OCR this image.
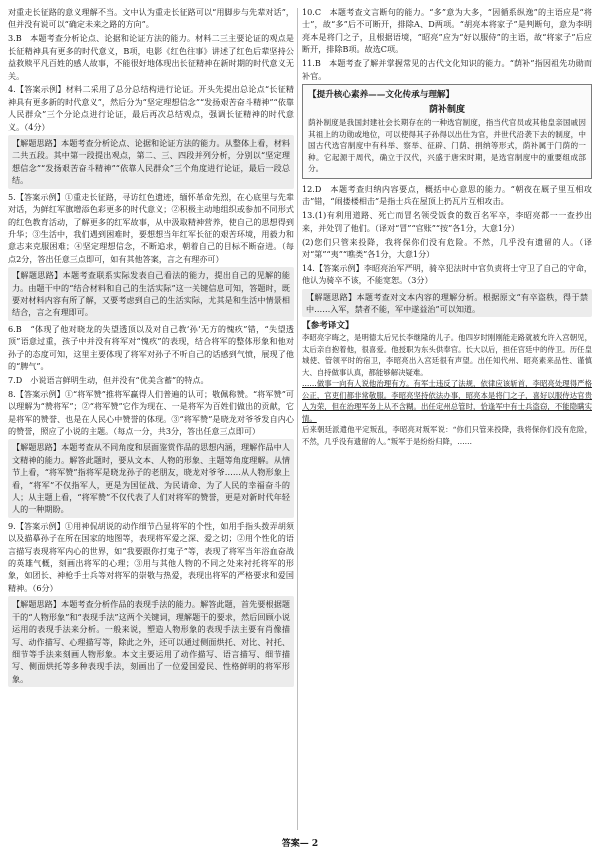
对重走长征路的意义理解不当。文中认为重走长征路可以“用脚步与先辈对话”，但并没有说可以“确定未来之路的方向”。
3.B　本题考查分析论点、论据和论证方法的能力。材料二三主要论证的观点是长征精神具有更多的时代意义，B项，电影《红色往事》讲述了红色后辈坚持公益救赎平凡百姓的感人故事，不能很好地体现出长征精神在新时期的时代意义无关。
4.【答案示例】材料二采用了总分总结构进行论证。开头先提出总论点“长征精神具有更多新的时代意义”，然后分为“坚定理想信念”“发扬艰苦奋斗精神”“依靠人民群众”三个分论点进行论证，最后再次总结观点，强调长征精神的时代意义。（4分）
【解题思路】本题考查分析论点、论据和论证方法的能力。从整体上看，材料二共五段。其中第一段提出观点，第二、三、四段并列分析，分别以“坚定理想信念”“发扬艰苦奋斗精神”“依靠人民群众”三个角度进行论证，最后一段总结。
5.【答案示例】①重走长征路，寻访红色遗迹，缅怀革命先烈，在心底里与先辈对话，为鲜红军旗增添色彩更多的时代意义；②积极主动地组织或参加不同形式的红色教育活动，了解更多的红军故事，从中汲取精神营养，使自己的思想得到升华；③生活中，我们遇到困难时，要想想当年红军长征的艰苦环境，用毅力和意志来克服困难；④坚定理想信念，不断追求，朝着自己的目标不断奋进。（每点2分，答出任意三点即可，如有其他答案，言之有理亦可）
【解题思路】本题考查联系实际发表自己看法的能力，提出自己的见解的能力。由题干中的“结合材料和自己的生活实际”这一关键信息可知，答题时，既要对材料内容有所了解，又要考虑到自己的生活实际，尤其是和生活中情景相结合，言之有理即可。
6.B　“体现了他对晓龙的失望透顶以及对自己教‘孙’无方的愧疚”错，“失望透顶”语意过重，孩子中并没有将军对“愧疚”的表现，结合将军的整体形象和他对孙子的态度可知，这里主要体现了将军对孙子不听自己的话感到气愤，展现了他的“脾气”。
7.D　小说语言鲜明生动，但并没有“优美含蓄”的特点。
8.【答案示例】①“将军赞”推将军赢得人们普遍的认可；敬佩称赞。“将军赞”可以理解为“赞将军”；②“将军赞”它作为现在、一是将军为百姓们做出的贡献，它是将军的赞誉、也是在人民心中赞誉的体现。③“将军赞”是晓龙对爷爷发自内心的赞誉，照应了小说的主题。（每点一分，共3分，答出任意三点即可）
【解题思路】本题考查从不同角度和层面鉴赏作品的思想内涵，理解作品中人文精神的能力。解答此题时，要从文本、人物的形象、主题等角度理解。从情节上看，“将军赞”指将军是晓龙孙子的老朋友，晓龙对爷爷……从人物形象上看，“将军”不仅指军人，更是为国征战、为民请命、为了人民的幸福奋斗的人；从主题上看，“将军赞”不仅代表了人们对将军的赞誉，更是对新时代年轻人的一种期盼。
9.【答案示例】①用神侃胡说的动作细节凸显将军的个性，如用手指头拨弄胡须以及描摹孙子在所在国家的地图等，表现将军爱之深、爱之切；②用个性化的语言描写表现将军内心的世界，如“我要跟你打鬼子”等，表现了将军当年浴血奋战的英雄气概，刻画出将军的心理；③用与其他人物的不同之处来衬托将军的形象，如团长、神枪手士兵等对将军的崇敬与热爱，表现出将军的严格要求和爱国精神。（6分）
【解题思路】本题考查分析作品的表现手法的能力。解答此题，首先要根据题干的“人物形象”和“表现手法”这两个关键词，理解题干的要求，然后回顾小说运用的表现手法来分析。一般来说，塑造人物形象的表现手法主要有肖像描写、动作描写、心理描写等，除此之外，还可以通过侧面烘托、对比、衬托、细节等手法来刻画人物形象。本文主要运用了动作描写、语言描写、细节描写、侧面烘托等多种表现手法，刻画出了一位爱国爱民、性格鲜明的将军形象。
10.C　本题考查文言断句的能力。“多”意为大多，“因循系纵逸”的主语应是“将士”，故“多”后不可断开，排除A、D两项。“胡亮本将家子”是判断句，意为李明亮本是将门之子，且根据语境，“昭亮”应为“好以服侍”的主语，故“将家子”后应断开，排除B项。故选C项。
11.B　本题考查了解并掌握常见的古代文化知识的能力。“荫补”指因祖先功勋而补官。
【提升核心素养——文化传承与理解】
荫补制度
荫补制度是我国封建社会长期存在的一种选官制度，指当代官员或其他皇亲国戚因其祖上的功勋或地位，可以使得其子孙得以出仕为官，并世代沿袭下去的制度，中国古代选官制度中有科举、察举、征辟、门荫、捐纳等形式，荫补属于门荫的一种。它起源于周代，确立于汉代，兴盛于唐宋时期，是选官制度中的重要组成部分。
12.D　本题考查归纳内容要点，概括中心意思的能力。“朝夜在厩子里互相攻击”错，“闹搂楼相击”是指士兵在屋顶上扔瓦片互相攻击。
13.(1)有利用道路、死亡而冒名领受饭食的数百名军卒，李昭亮都一一查抄出来，并处罚了他们。（译对“冒”“官账”“按”各1分，大意1分）
(2)您们只管来投降，我将保你们没有危险。不然，几乎没有遗留的人。（译对“第”“夷”“噍类”各1分，大意1分）
14.【答案示例】李昭亮治军严明，骑卒犯法时中官负责将士守卫了自己的守命，他认为骑卒不该，不能宽恕。（3分）
【解题思路】本题考查对文本内容的理解分析。根据原文“有卒盗秩，得于禁中……入军，禁者不能，军中遂益治”可以知道。
【参考译文】
李昭亮字晦之，是明德太后兄长李继隆的儿子。他四岁时刚刚能走路就被允许入宫朝见，太后亲自抱着他，很喜爱。他授职为东头供奉官。长大以后，担任宫廷中的侍卫。历任皇城使、管领平时的宿卫，李昭亮出入宫廷很有声望。出任知代州、昭亮素来品性、谨慎大、自持做事认真，都能够解决疑难。
……做事一向有人说他治理有方。有军士违反了法规，依律应该斩首，李昭亮处理得严格公正，官吏们都非常敬服。李昭亮坚持依法办事，昭亮本是将门之子，喜好以服侍达官贵人为荣，但在治理军务上从不含糊。出任定州总管时，恰逢军中有士兵盗窃，不能隐瞒实情。
后来朝廷派遣他平定叛乱，李昭亮对叛军说：“你们只管来投降，我将保你们没有危险，不然，几乎没有遗留的人。”叛军于是纷纷归降，……
答案— 2
